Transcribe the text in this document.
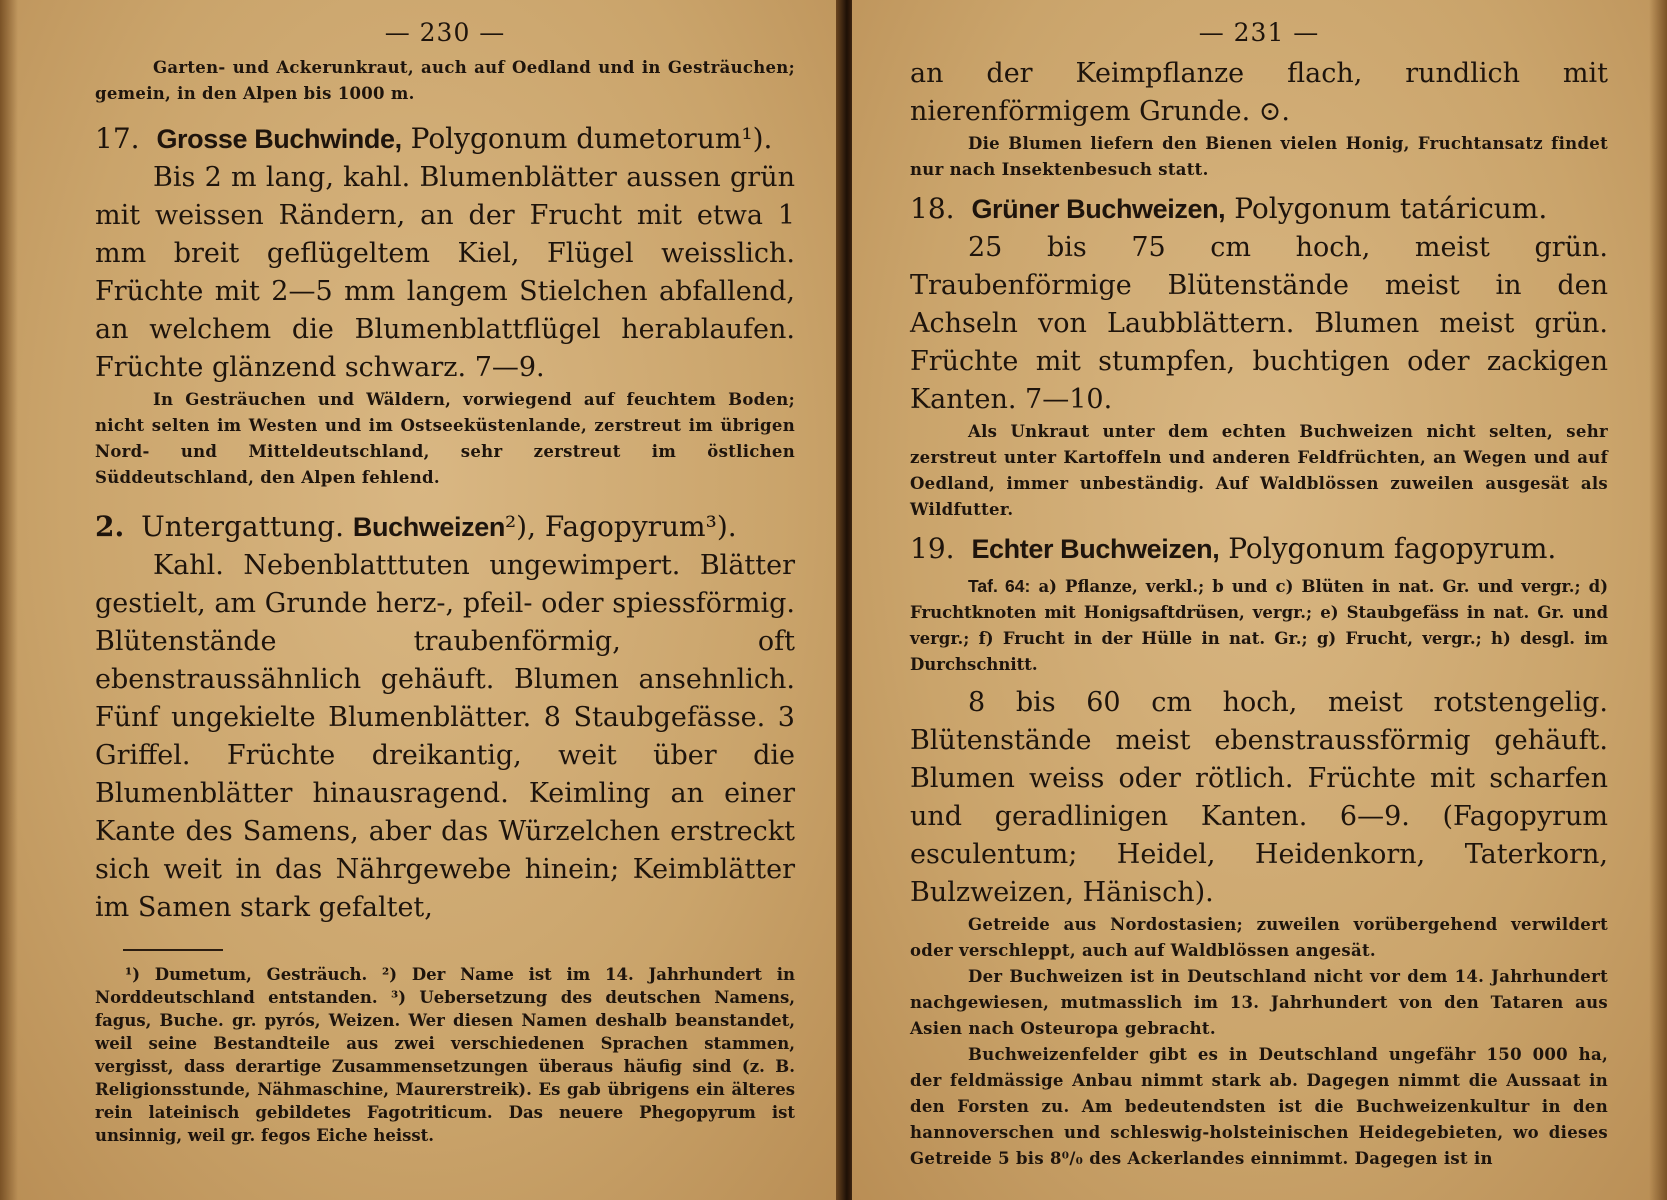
— 230 —

Garten- und Ackerunkraut, auch auf Oedland und in Gesträuchen; gemein, in den Alpen bis 1000 m.

17. Grosse Buchwinde, Polygonum dumetorum¹).

Bis 2 m lang, kahl. Blumenblätter aussen grün mit weissen Rändern, an der Frucht mit etwa 1 mm breit geflügeltem Kiel, Flügel weisslich. Früchte mit 2—5 mm langem Stielchen abfallend, an welchem die Blumenblattflügel herablaufen. Früchte glänzend schwarz. 7—9.

In Gesträuchen und Wäldern, vorwiegend auf feuchtem Boden; nicht selten im Westen und im Ostseeküstenlande, zerstreut im übrigen Nord- und Mitteldeutschland, sehr zerstreut im östlichen Süddeutschland, den Alpen fehlend.

2. Untergattung. Buchweizen²), Fagopyrum³).

Kahl. Nebenblatttuten ungewimpert. Blätter gestielt, am Grunde herz-, pfeil- oder spiessförmig. Blütenstände traubenförmig, oft ebenstraussähnlich gehäuft. Blumen ansehnlich. Fünf ungekielte Blumenblätter. 8 Staubgefässe. 3 Griffel. Früchte dreikantig, weit über die Blumenblätter hinausragend. Keimling an einer Kante des Samens, aber das Würzelchen erstreckt sich weit in das Nährgewebe hinein; Keimblätter im Samen stark gefaltet,

¹) Dumetum, Gesträuch. ²) Der Name ist im 14. Jahrhundert in Norddeutschland entstanden. ³) Uebersetzung des deutschen Namens, fagus, Buche. gr. pyrós, Weizen. Wer diesen Namen deshalb beanstandet, weil seine Bestandteile aus zwei verschiedenen Sprachen stammen, vergisst, dass derartige Zusammensetzungen überaus häufig sind (z. B. Religionsstunde, Nähmaschine, Maurerstreik). Es gab übrigens ein älteres rein lateinisch gebildetes Fagotriticum. Das neuere Phegopyrum ist unsinnig, weil gr. fegos Eiche heisst.

— 231 —

an der Keimpflanze flach, rundlich mit nierenförmigem Grunde. ⊙.

Die Blumen liefern den Bienen vielen Honig, Fruchtansatz findet nur nach Insektenbesuch statt.

18. Grüner Buchweizen, Polygonum tatáricum.

25 bis 75 cm hoch, meist grün. Traubenförmige Blütenstände meist in den Achseln von Laubblättern. Blumen meist grün. Früchte mit stumpfen, buchtigen oder zackigen Kanten. 7—10.

Als Unkraut unter dem echten Buchweizen nicht selten, sehr zerstreut unter Kartoffeln und anderen Feldfrüchten, an Wegen und auf Oedland, immer unbeständig. Auf Waldblössen zuweilen ausgesät als Wildfutter.

19. Echter Buchweizen, Polygonum fagopyrum.

Taf. 64: a) Pflanze, verkl.; b und c) Blüten in nat. Gr. und vergr.; d) Fruchtknoten mit Honigsaftdrüsen, vergr.; e) Staubgefäss in nat. Gr. und vergr.; f) Frucht in der Hülle in nat. Gr.; g) Frucht, vergr.; h) desgl. im Durchschnitt.

8 bis 60 cm hoch, meist rotstengelig. Blütenstände meist ebenstraussförmig gehäuft. Blumen weiss oder rötlich. Früchte mit scharfen und geradlinigen Kanten. 6—9. (Fagopyrum esculentum; Heidel, Heidenkorn, Taterkorn, Bulzweizen, Hänisch).

Getreide aus Nordostasien; zuweilen vorübergehend verwildert oder verschleppt, auch auf Waldblössen angesät.

Der Buchweizen ist in Deutschland nicht vor dem 14. Jahrhundert nachgewiesen, mutmasslich im 13. Jahrhundert von den Tataren aus Asien nach Osteuropa gebracht.

Buchweizenfelder gibt es in Deutschland ungefähr 150 000 ha, der feldmässige Anbau nimmt stark ab. Dagegen nimmt die Aussaat in den Forsten zu. Am bedeutendsten ist die Buchweizenkultur in den hannoverschen und schleswig-holsteinischen Heidegebieten, wo dieses Getreide 5 bis 8⁰/₀ des Ackerlandes einnimmt. Dagegen ist in
